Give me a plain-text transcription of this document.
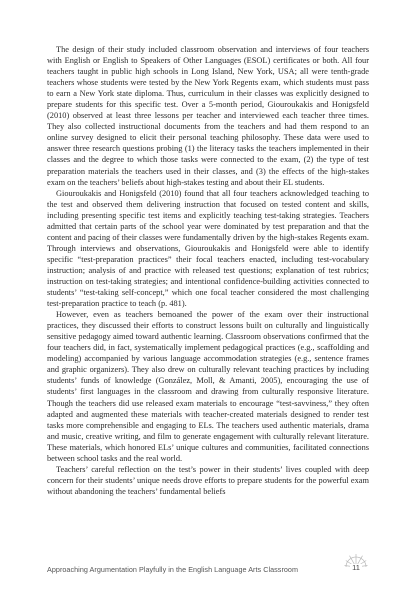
The design of their study included classroom observation and interviews of four teachers with English or English to Speakers of Other Languages (ESOL) certificates or both. All four teachers taught in public high schools in Long Island, New York, USA; all were tenth-grade teachers whose students were tested by the New York Regents exam, which students must pass to earn a New York state diploma. Thus, curriculum in their classes was explicitly designed to prepare students for this specific test. Over a 5-month period, Giouroukakis and Honigsfeld (2010) observed at least three lessons per teacher and interviewed each teacher three times. They also collected instructional documents from the teachers and had them respond to an online survey designed to elicit their personal teaching philosophy. These data were used to answer three research questions probing (1) the literacy tasks the teachers implemented in their classes and the degree to which those tasks were connected to the exam, (2) the type of test preparation materials the teachers used in their classes, and (3) the effects of the high-stakes exam on the teachers’ beliefs about high-stakes testing and about their EL students.

Giouroukakis and Honigsfeld (2010) found that all four teachers acknowledged teaching to the test and observed them delivering instruction that focused on tested content and skills, including presenting specific test items and explicitly teaching test-taking strategies. Teachers admitted that certain parts of the school year were dominated by test preparation and that the content and pacing of their classes were fundamentally driven by the high-stakes Regents exam. Through interviews and observations, Giouroukakis and Honigsfeld were able to identify specific “test-preparation practices” their focal teachers enacted, including test-vocabulary instruction; analysis of and practice with released test questions; explanation of test rubrics; instruction on test-taking strategies; and intentional confidence-building activities connected to students’ “test-taking self-concept,” which one focal teacher considered the most challenging test-preparation practice to teach (p. 481).

However, even as teachers bemoaned the power of the exam over their instructional practices, they discussed their efforts to construct lessons built on culturally and linguistically sensitive pedagogy aimed toward authentic learning. Classroom observations confirmed that the four teachers did, in fact, systematically implement pedagogical practices (e.g., scaffolding and modeling) accompanied by various language accommodation strategies (e.g., sentence frames and graphic organizers). They also drew on culturally relevant teaching practices by including students’ funds of knowledge (González, Moll, & Amanti, 2005), encouraging the use of students’ first languages in the classroom and drawing from culturally responsive literature. Though the teachers did use released exam materials to encourage “test-savviness,” they often adapted and augmented these materials with teacher-created materials designed to render test tasks more comprehensible and engaging to ELs. The teachers used authentic materials, drama and music, creative writing, and film to generate engagement with culturally relevant literature. These materials, which honored ELs’ unique cultures and communities, facilitated connections between school tasks and the real world.

Teachers’ careful reflection on the test’s power in their students’ lives coupled with deep concern for their students’ unique needs drove efforts to prepare students for the powerful exam without abandoning the teachers’ fundamental beliefs

Approaching Argumentation Playfully in the English Language Arts Classroom	11
